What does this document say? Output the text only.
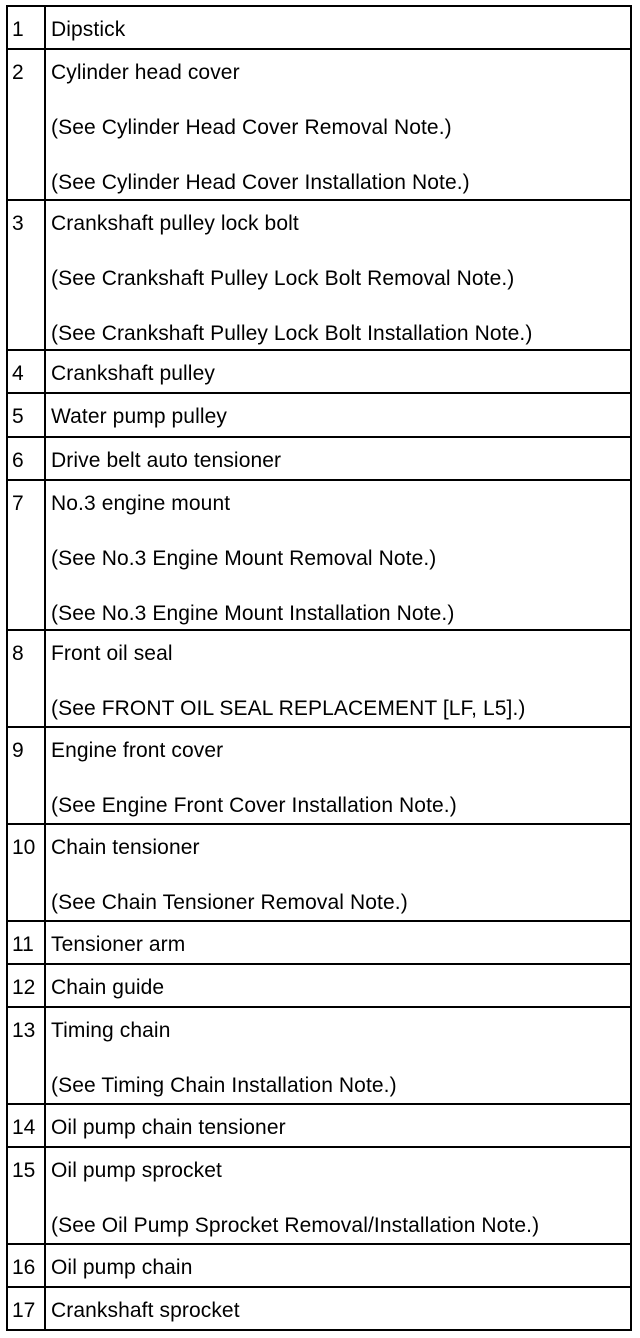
1	Dipstick
2	Cylinder head cover
(See Cylinder Head Cover Removal Note.)
(See Cylinder Head Cover Installation Note.)
3	Crankshaft pulley lock bolt
(See Crankshaft Pulley Lock Bolt Removal Note.)
(See Crankshaft Pulley Lock Bolt Installation Note.)
4	Crankshaft pulley
5	Water pump pulley
6	Drive belt auto tensioner
7	No.3 engine mount
(See No.3 Engine Mount Removal Note.)
(See No.3 Engine Mount Installation Note.)
8	Front oil seal
(See FRONT OIL SEAL REPLACEMENT [LF, L5].)
9	Engine front cover
(See Engine Front Cover Installation Note.)
10 Chain tensioner
(See Chain Tensioner Removal Note.)
11 Tensioner arm
12 Chain guide
13 Timing chain
(See Timing Chain Installation Note.)
14 Oil pump chain tensioner
15 Oil pump sprocket
(See Oil Pump Sprocket Removal/Installation Note.)
16 Oil pump chain
17 Crankshaft sprocket
